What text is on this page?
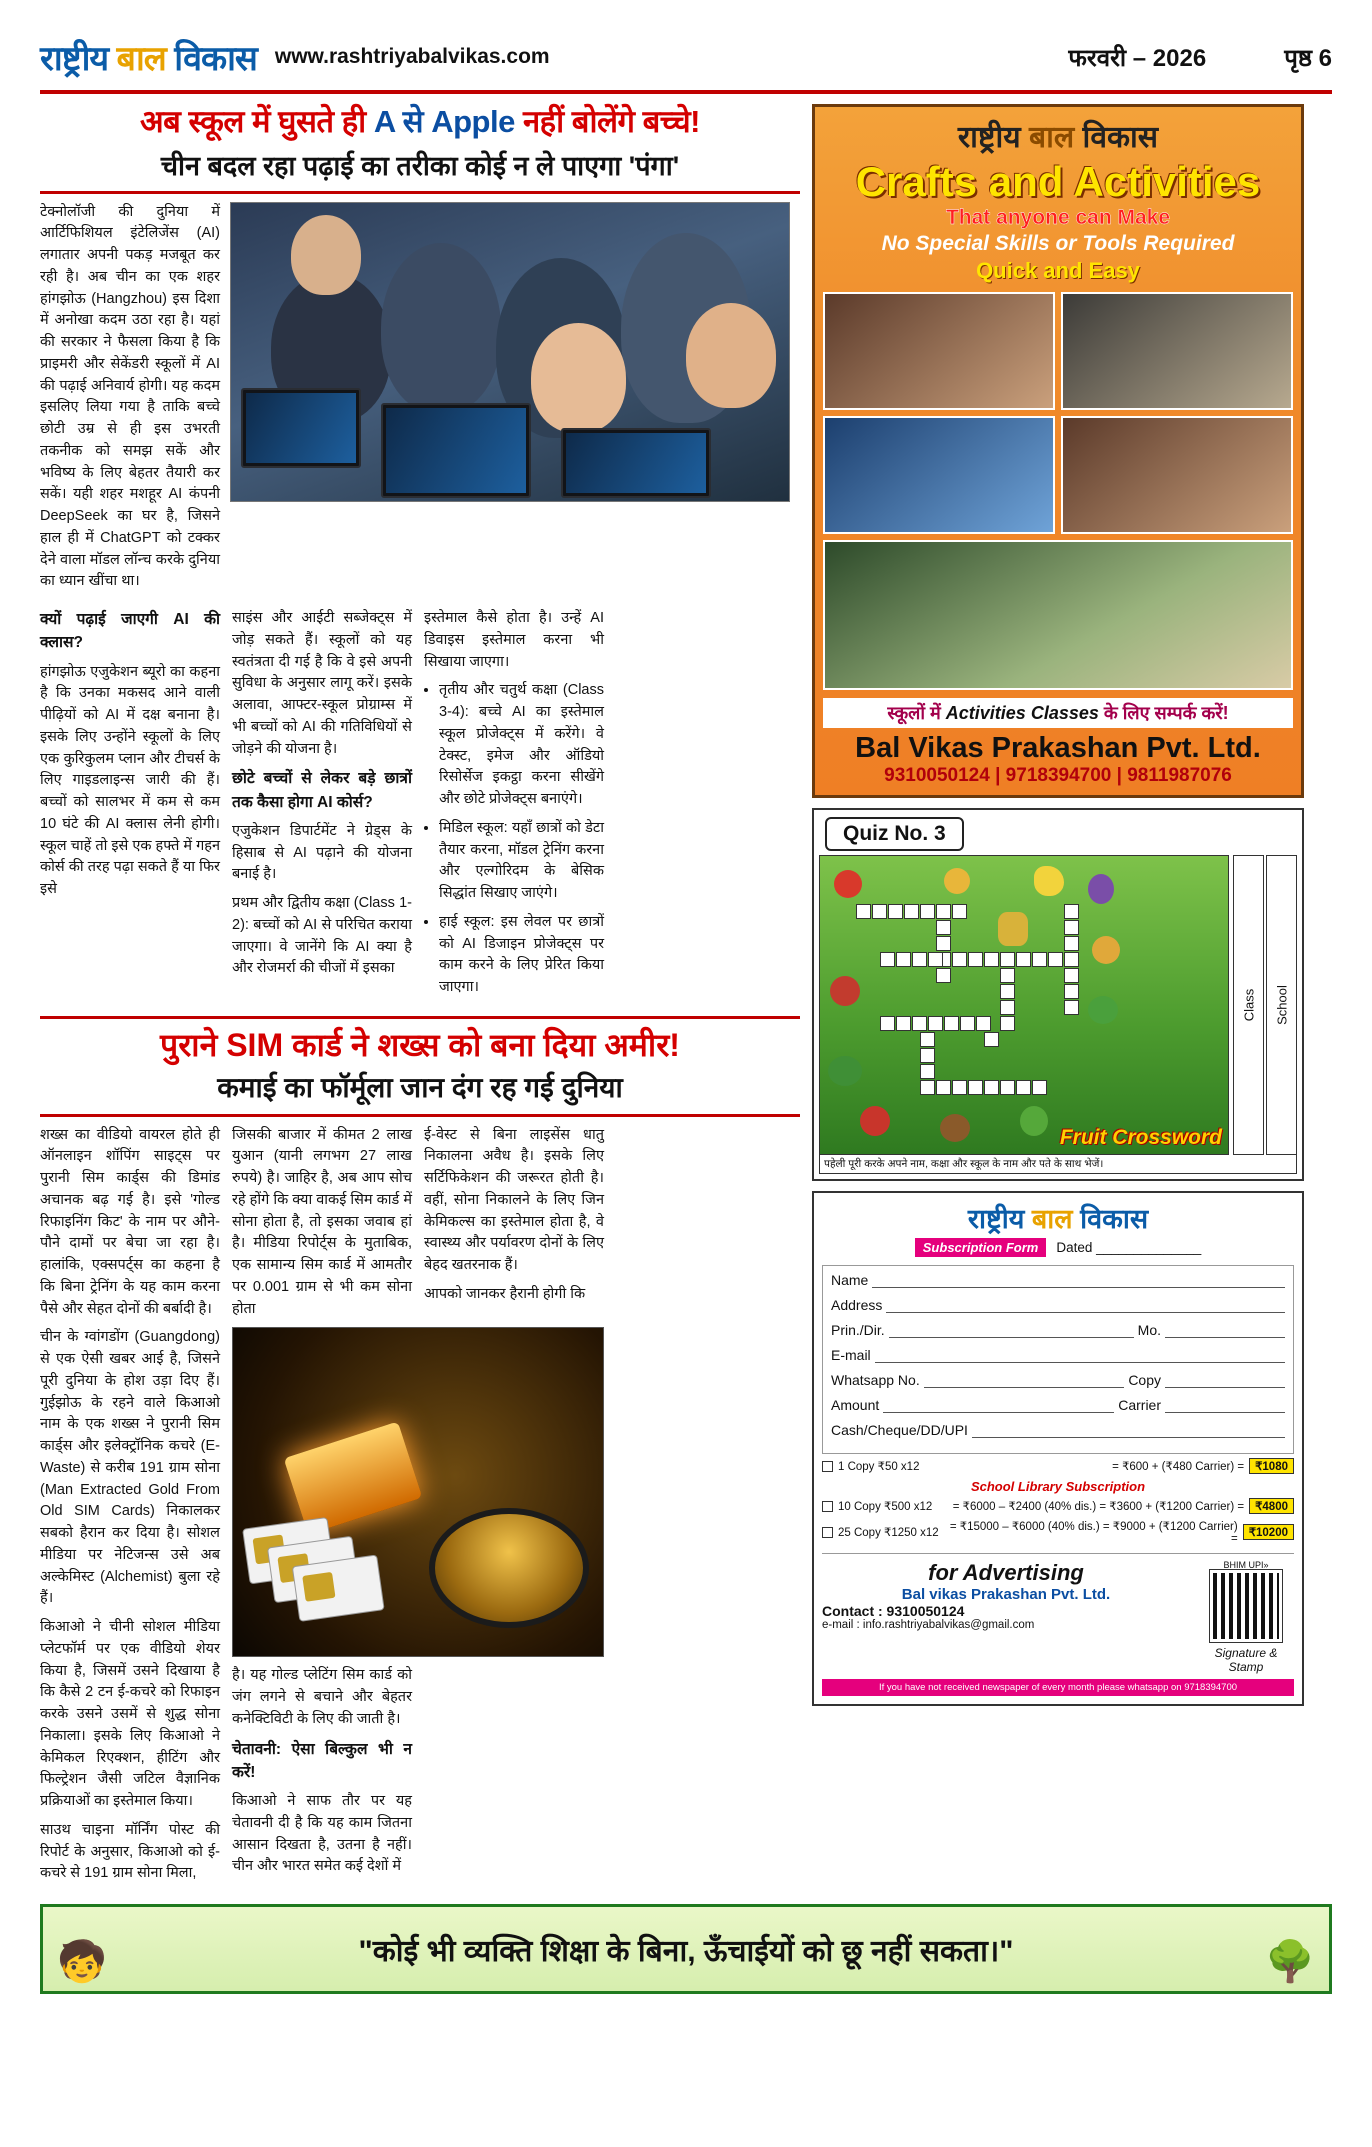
राष्ट्रीय बाल विकास www.rashtriyabalvikas.com	फरवरी – 2026	पृष्ठ 6
अब स्कूल में घुसते ही A से Apple नहीं बोलेंगे बच्चे!
चीन बदल रहा पढ़ाई का तरीका कोई न ले पाएगा 'पंगा'

टेक्नोलॉजी की दुनिया में आर्टिफिशियल इंटेलिजेंस (AI) लगातार अपनी पकड़ मजबूत कर रही है। अब चीन का एक शहर हांगझोऊ (Hangzhou) इस दिशा में अनोखा कदम उठा रहा है। यहां की सरकार ने फैसला किया है कि प्राइमरी और सेकेंडरी स्कूलों में AI की पढ़ाई अनिवार्य होगी। यह कदम इसलिए लिया गया है ताकि बच्चे छोटी उम्र से ही इस उभरती तकनीक को समझ सकें और भविष्य के लिए बेहतर तैयारी कर सकें। यही शहर मशहूर AI कंपनी DeepSeek का घर है, जिसने हाल ही में ChatGPT को टक्कर देने वाला मॉडल लॉन्च करके दुनिया का ध्यान खींचा था।

क्यों पढ़ाई जाएगी AI की क्लास?

हांगझोऊ एजुकेशन ब्यूरो का कहना है कि उनका मकसद आने वाली पीढ़ियों को AI में दक्ष बनाना है। इसके लिए उन्होंने स्कूलों के लिए एक कुरिकुलम प्लान और टीचर्स के लिए गाइडलाइन्स जारी की हैं। बच्चों को सालभर में कम से कम 10 घंटे की AI क्लास लेनी होगी। स्कूल चाहें तो इसे एक हफ्ते में गहन कोर्स की तरह पढ़ा सकते हैं या फिर इसे

साइंस और आईटी सब्जेक्ट्स में जोड़ सकते हैं। स्कूलों को यह स्वतंत्रता दी गई है कि वे इसे अपनी सुविधा के अनुसार लागू करें। इसके अलावा, आफ्टर-स्कूल प्रोग्राम्स में भी बच्चों को AI की गतिविधियों से जोड़ने की योजना है।

छोटे बच्चों से लेकर बड़े छात्रों तक कैसा होगा AI कोर्स?

एजुकेशन डिपार्टमेंट ने ग्रेड्स के हिसाब से AI पढ़ाने की योजना बनाई है।

प्रथम और द्वितीय कक्षा (Class 1-2): बच्चों को AI से परिचित कराया जाएगा। वे जानेंगे कि AI क्या है और रोजमर्रा की चीजों में इसका

इस्तेमाल कैसे होता है। उन्हें AI डिवाइस इस्तेमाल करना भी सिखाया जाएगा।

• तृतीय और चतुर्थ कक्षा (Class 3-4): बच्चे AI का इस्तेमाल स्कूल प्रोजेक्ट्स में करेंगे। वे टेक्स्ट, इमेज और ऑडियो रिसोर्सेज इकट्ठा करना सीखेंगे और छोटे प्रोजेक्ट्स बनाएंगे।
• मिडिल स्कूल: यहाँ छात्रों को डेटा तैयार करना, मॉडल ट्रेनिंग करना और एल्गोरिदम के बेसिक सिद्धांत सिखाए जाएंगे।
• हाई स्कूल: इस लेवल पर छात्रों को AI डिजाइन प्रोजेक्ट्स पर काम करने के लिए प्रेरित किया जाएगा।
पुराने SIM कार्ड ने शख्स को बना दिया अमीर!
कमाई का फॉर्मूला जान दंग रह गई दुनिया

शख्स का वीडियो वायरल होते ही ऑनलाइन शॉपिंग साइट्स पर पुरानी सिम कार्ड्स की डिमांड अचानक बढ़ गई है। इसे 'गोल्ड रिफाइनिंग किट' के नाम पर औने-पौने दामों पर बेचा जा रहा है। हालांकि, एक्सपर्ट्स का कहना है कि बिना ट्रेनिंग के यह काम करना पैसे और सेहत दोनों की बर्बादी है।

चीन के ग्वांगडोंग (Guangdong) से एक ऐसी खबर आई है, जिसने पूरी दुनिया के होश उड़ा दिए हैं। गुईझोऊ के रहने वाले किआओ नाम के एक शख्स ने पुरानी सिम कार्ड्स और इलेक्ट्रॉनिक कचरे (E-Waste) से करीब 191 ग्राम सोना (Man Extracted Gold From Old SIM Cards) निकालकर सबको हैरान कर दिया है। सोशल मीडिया पर नेटिजन्स उसे अब अल्केमिस्ट (Alchemist) बुला रहे हैं।

किआओ ने चीनी सोशल मीडिया प्लेटफॉर्म पर एक वीडियो शेयर किया है, जिसमें उसने दिखाया है कि कैसे 2 टन ई-कचरे को रिफाइन करके उसने उसमें से शुद्ध सोना निकाला। इसके लिए किआओ ने केमिकल रिएक्शन, हीटिंग और फिल्ट्रेशन जैसी जटिल वैज्ञानिक प्रक्रियाओं का इस्तेमाल किया।

साउथ चाइना मॉर्निंग पोस्ट की रिपोर्ट के अनुसार, किआओ को ई-कचरे से 191 ग्राम सोना मिला,

जिसकी बाजार में कीमत 2 लाख युआन (यानी लगभग 27 लाख रुपये) है। जाहिर है, अब आप सोच रहे होंगे कि क्या वाकई सिम कार्ड में सोना होता है, तो इसका जवाब हां है। मीडिया रिपोर्ट्स के मुताबिक, एक सामान्य सिम कार्ड में आमतौर पर 0.001 ग्राम से भी कम सोना होता

है। यह गोल्ड प्लेटिंग सिम कार्ड को जंग लगने से बचाने और बेहतर कनेक्टिविटी के लिए की जाती है।

चेतावनी: ऐसा बिल्कुल भी न करें!

किआओ ने साफ तौर पर यह चेतावनी दी है कि यह काम जितना आसान दिखता है, उतना है नहीं। चीन और भारत समेत कई देशों में

ई-वेस्ट से बिना लाइसेंस धातु निकालना अवैध है। इसके लिए सर्टिफिकेशन की जरूरत होती है। वहीं, सोना निकालने के लिए जिन केमिकल्स का इस्तेमाल होता है, वे स्वास्थ्य और पर्यावरण दोनों के लिए बेहद खतरनाक हैं।

आपको जानकर हैरानी होगी कि

राष्ट्रीय बाल विकास
Crafts and Activities
That anyone can Make
No Special Skills or Tools Required
Quick and Easy
स्कूलों में Activities Classes के लिए सम्पर्क करें!
Bal Vikas Prakashan Pvt. Ltd.
9310050124 | 9718394700 | 9811987076
Quiz No. 3
Fruit Crossword
Class School
पहेली पूरी करके अपने नाम, कक्षा और स्कूल के नाम और पते के साथ भेजें।
राष्ट्रीय बाल विकास
Subscription Form	Dated ______________
Name
Address
Prin./Dir.	Mo.
E-mail
Whatsapp No.	Copy
Amount	Carrier
Cash/Cheque/DD/UPI
1 Copy ₹50 x12	= ₹600 + (₹480 Carrier) = ₹1080
School Library Subscription
10 Copy ₹500 x12	= ₹6000 – ₹2400 (40% dis.) = ₹3600 + (₹1200 Carrier) = ₹4800
25 Copy ₹1250 x12 = ₹15000 – ₹6000 (40% dis.) = ₹9000 + (₹1200 Carrier) = ₹10200
for Advertising
Bal vikas Prakashan Pvt. Ltd.
Contact : 9310050124
e-mail : info.rashtriyabalvikas@gmail.com
BHIM UPI»
Signature & Stamp
If you have not received newspaper of every month please whatsapp on 9718394700
🧒	"कोई भी व्यक्ति शिक्षा के बिना, ऊँचाईयों को छू नहीं सकता।"	🌳
